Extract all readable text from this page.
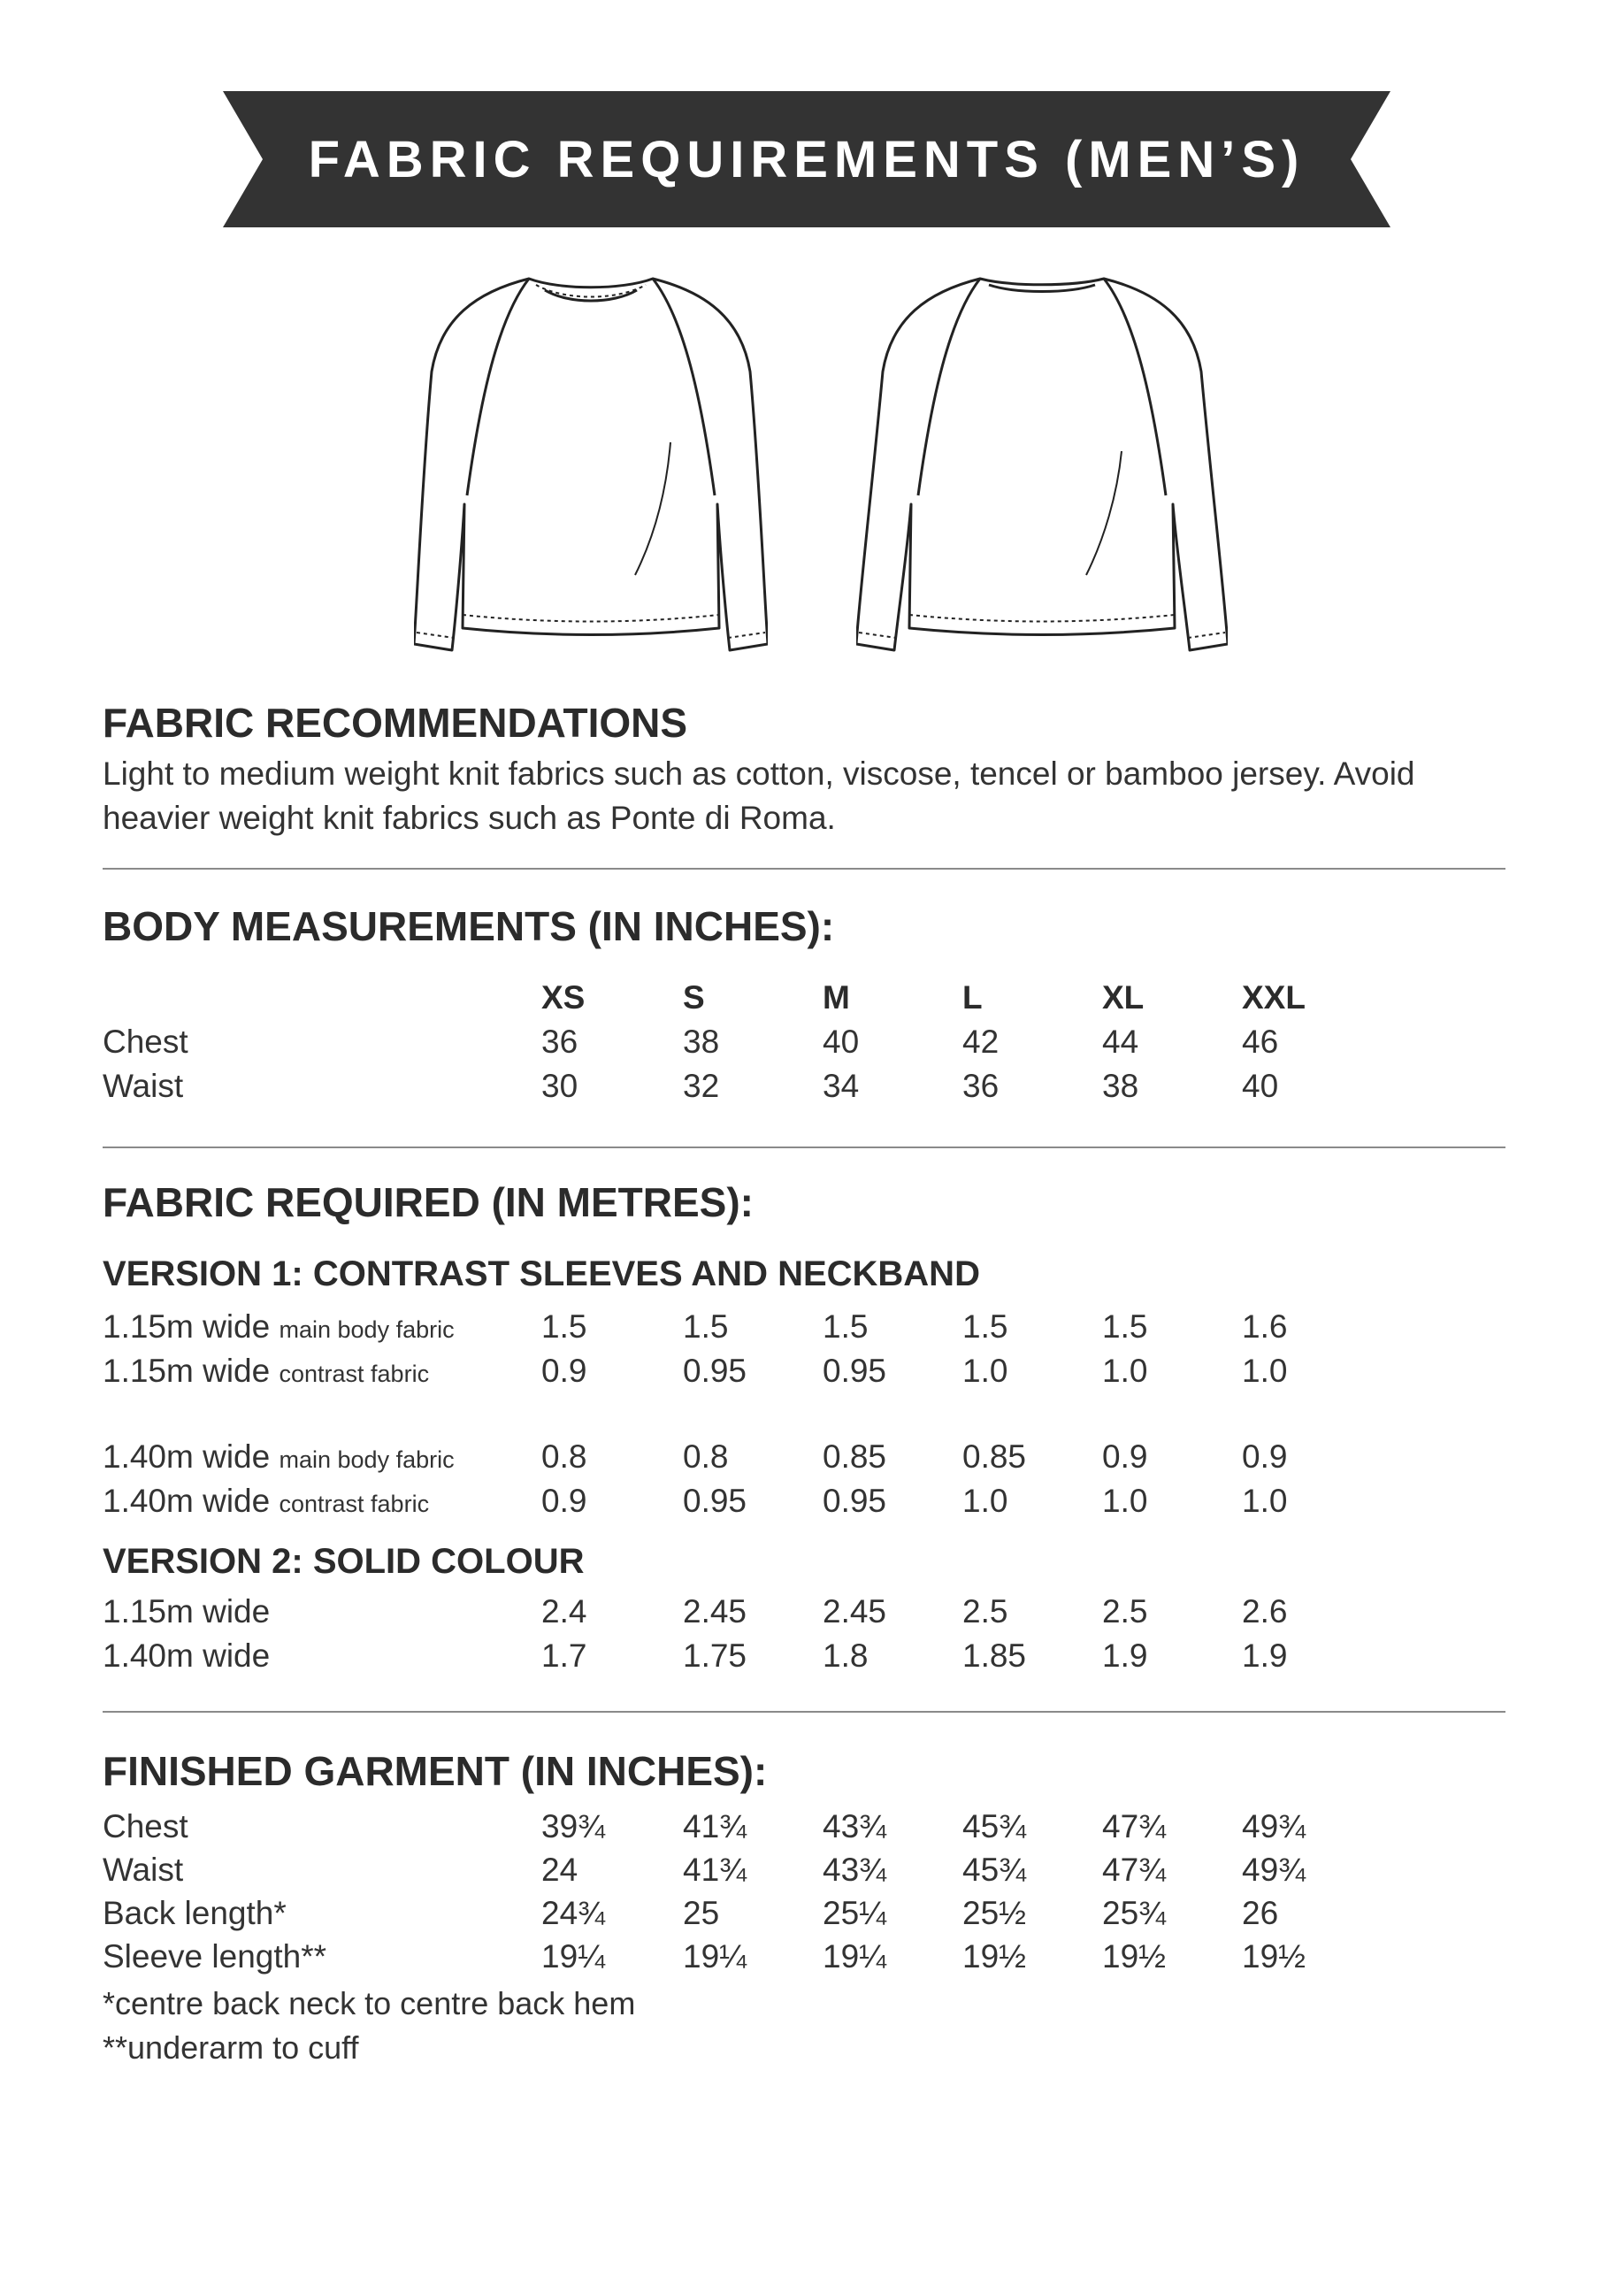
FABRIC REQUIREMENTS (MEN’S)
FABRIC RECOMMENDATIONS

Light to medium weight knit fabrics such as cotton, viscose, tencel or bamboo jersey. Avoid heavier weight knit fabrics such as Ponte di Roma.

BODY MEASUREMENTS (IN INCHES):
XS	S	M	L	XL	XXL
Chest	36	38	40	42	44	46
Waist	30	32	34	36	38	40
FABRIC REQUIRED (IN METRES):
VERSION 1: CONTRAST SLEEVES AND NECKBAND
1.15m wide main body fabric	1.5	1.5	1.5	1.5	1.5	1.6
1.15m wide contrast fabric	0.9	0.95 0.95 1.0	1.0	1.0
1.40m wide main body fabric	0.8	0.8	0.85 0.85 0.9	0.9
1.40m wide contrast fabric	0.9	0.95 0.95 1.0	1.0	1.0
VERSION 2: SOLID COLOUR
1.15m wide	2.4	2.45 2.45 2.5	2.5	2.6
1.40m wide	1.7	1.75 1.8	1.85 1.9	1.9
FINISHED GARMENT (IN INCHES):
Chest	39¾ 41¾ 43¾ 45¾ 47¾ 49¾
Waist	24	41¾ 43¾ 45¾ 47¾ 49¾
Back length*	24¾ 25	25¼ 25½ 25¾ 26
Sleeve length**	19¼ 19¼ 19¼ 19½ 19½ 19½
*centre back neck to centre back hem
**underarm to cuff
